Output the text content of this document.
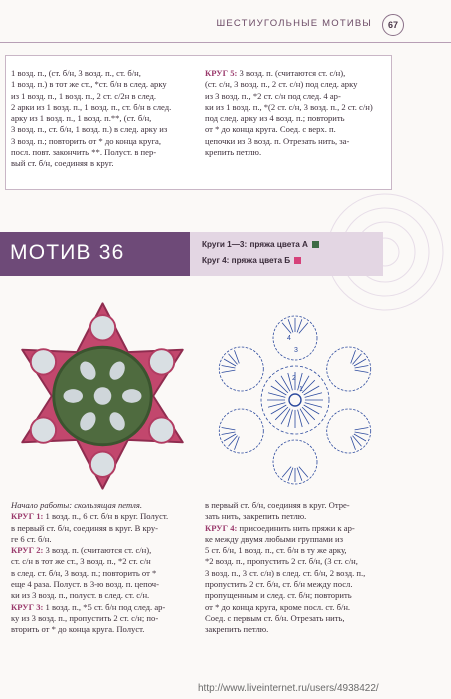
ШЕСТИУГОЛЬНЫЕ МОТИВЫ	67
1 возд. п., (ст. б/н, 3 возд. п., ст. б/н,
1 возд. п.) в тот же ст., *ст. б/н в след. арку
из 1 возд. п., 1 возд. п., 2 ст. с/2н в след.
2 арки из 1 возд. п., 1 возд. п., ст. б/н в след.
арку из 1 возд. п., 1 возд. п.**, (ст. б/н,
3 возд. п., ст. б/н, 1 возд. п.) в след. арку из
3 возд. п.; повторить от * до конца круга,
посл. повт. закончить **. Полуст. в пер-
вый ст. б/н, соединяя в круг.
КРУГ 5: 3 возд. п. (считаются ст. с/н),
(ст. с/н, 3 возд. п., 2 ст. с/н) под след. арку
из 3 возд. п., *2 ст. с/н под след. 4 ар-
ки из 1 возд. п., *(2 ст. с/н, 3 возд. п., 2 ст. с/н)
под след. арку из 4 возд. п.; повторить
от * до конца круга. Соед. с верх. п.
цепочки из 3 возд. п. Отрезать нить, за-
крепить петлю.
МОТИВ 36	Круги 1—3: пряжа цвета А
Круг 4: пряжа цвета Б
4
3
2
1
Начало работы: скользящая петля.
КРУГ 1: 1 возд. п., 6 ст. б/н в круг. Полуст.
в первый ст. б/н, соединяя в круг. В кру-
ге 6 ст. б/н.
КРУГ 2: 3 возд. п. (считаются ст. с/н),
ст. с/н в тот же ст., 3 возд. п., *2 ст. с/н
в след. ст. б/н, 3 возд. п.; повторить от *
еще 4 раза. Полуст. в 3-ю возд. п. цепоч-
ки из 3 возд. п., полуст. в след. ст. с/н.
КРУГ 3: 1 возд. п., *5 ст. б/н под след. ар-
ку из 3 возд. п., пропустить 2 ст. с/н; по-
вторить от * до конца круга. Полуст.
в первый ст. б/н, соединяя в круг. Отре-
зать нить, закрепить петлю.
КРУГ 4: присоединить нить пряжи к ар-
ке между двумя любыми группами из
5 ст. б/н, 1 возд. п., ст. б/н в ту же арку,
*2 возд. п., пропустить 2 ст. б/н, (3 ст. с/н,
3 возд. п., 3 ст. с/н) в след. ст. б/н, 2 возд. п.,
пропустить 2 ст. б/н, ст. б/н между посл.
пропущенным и след. ст. б/н; повторить
от * до конца круга, кроме посл. ст. б/н.
Соед. с первым ст. б/н. Отрезать нить,
закрепить петлю.
http://www.liveinternet.ru/users/4938422/
